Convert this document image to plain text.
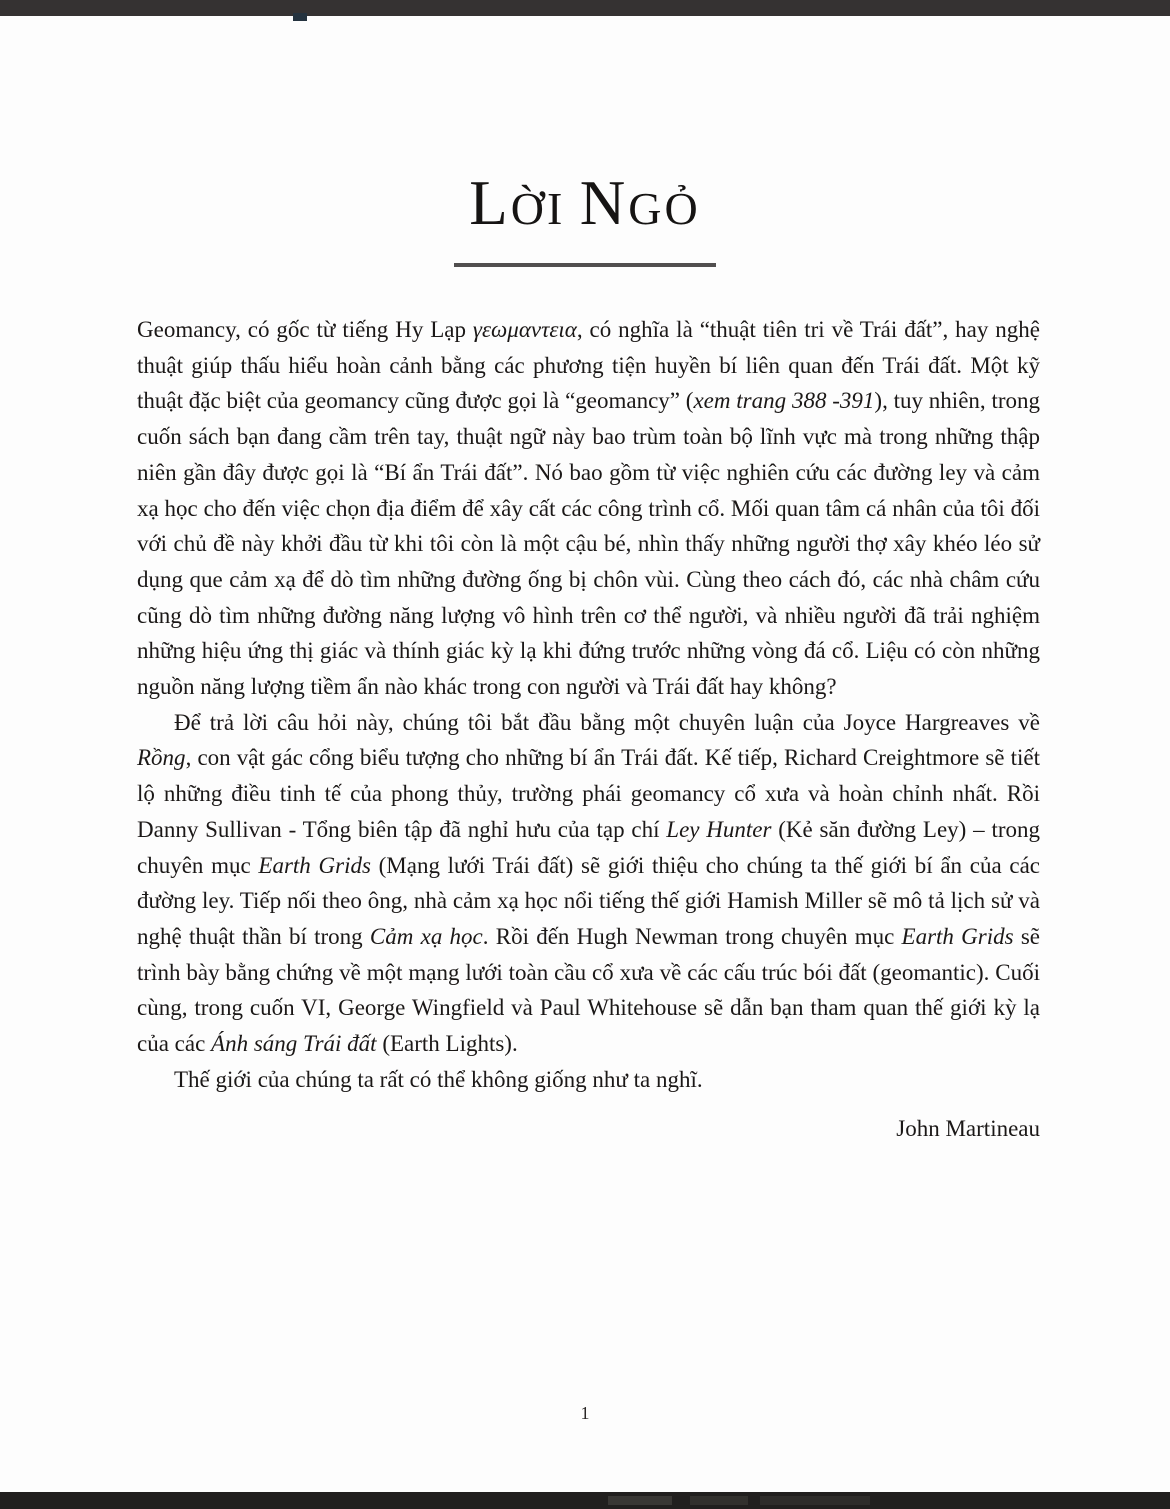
LỜI NGỎ

Geomancy, có gốc từ tiếng Hy Lạp γεωμαντεια, có nghĩa là “thuật tiên tri về Trái đất”, hay nghệ thuật giúp thấu hiểu hoàn cảnh bằng các phương tiện huyền bí liên quan đến Trái đất. Một kỹ thuật đặc biệt của geomancy cũng được gọi là “geomancy” (xem trang 388 -391), tuy nhiên, trong cuốn sách bạn đang cầm trên tay, thuật ngữ này bao trùm toàn bộ lĩnh vực mà trong những thập niên gần đây được gọi là “Bí ẩn Trái đất”. Nó bao gồm từ việc nghiên cứu các đường ley và cảm xạ học cho đến việc chọn địa điểm để xây cất các công trình cổ. Mối quan tâm cá nhân của tôi đối với chủ đề này khởi đầu từ khi tôi còn là một cậu bé, nhìn thấy những người thợ xây khéo léo sử dụng que cảm xạ để dò tìm những đường ống bị chôn vùi. Cùng theo cách đó, các nhà châm cứu cũng dò tìm những đường năng lượng vô hình trên cơ thể người, và nhiều người đã trải nghiệm những hiệu ứng thị giác và thính giác kỳ lạ khi đứng trước những vòng đá cổ. Liệu có còn những nguồn năng lượng tiềm ẩn nào khác trong con người và Trái đất hay không?

Để trả lời câu hỏi này, chúng tôi bắt đầu bằng một chuyên luận của Joyce Hargreaves về Rồng, con vật gác cổng biểu tượng cho những bí ẩn Trái đất. Kế tiếp, Richard Creightmore sẽ tiết lộ những điều tinh tế của phong thủy, trường phái geomancy cổ xưa và hoàn chỉnh nhất. Rồi Danny Sullivan - Tổng biên tập đã nghỉ hưu của tạp chí Ley Hunter (Kẻ săn đường Ley) – trong chuyên mục Earth Grids (Mạng lưới Trái đất) sẽ giới thiệu cho chúng ta thế giới bí ẩn của các đường ley. Tiếp nối theo ông, nhà cảm xạ học nổi tiếng thế giới Hamish Miller sẽ mô tả lịch sử và nghệ thuật thần bí trong Cảm xạ học. Rồi đến Hugh Newman trong chuyên mục Earth Grids sẽ trình bày bằng chứng về một mạng lưới toàn cầu cổ xưa về các cấu trúc bói đất (geomantic). Cuối cùng, trong cuốn VI, George Wingfield và Paul Whitehouse sẽ dẫn bạn tham quan thế giới kỳ lạ của các Ánh sáng Trái đất (Earth Lights).

Thế giới của chúng ta rất có thể không giống như ta nghĩ.

John Martineau

1
